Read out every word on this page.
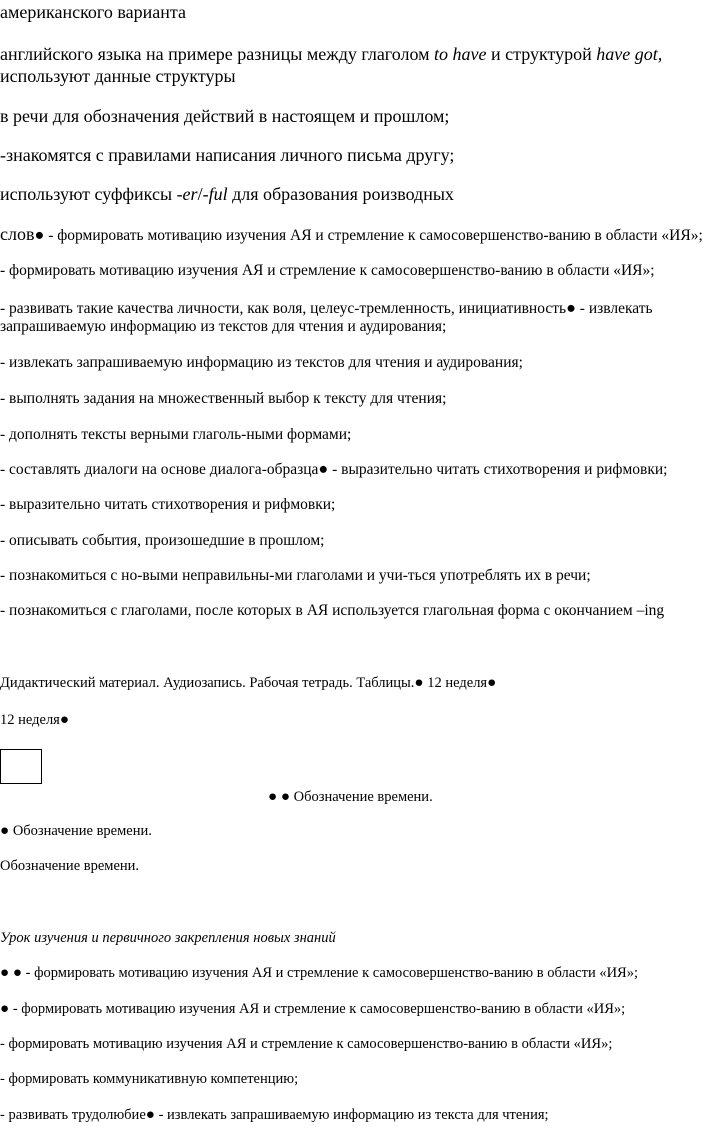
американского варианта

английского языка на примере разницы между глаголом to have и структурой have got,

используют данные структуры

в речи для обозначения действий в настоящем и прошлом;

-знакомятся с правилами написания личного письма другу;

используют суффиксы -er/-ful для образования роизводных

слов● - формировать мотивацию изучения АЯ и стремление к самосовершенство-ванию в области «ИЯ»;

- формировать мотивацию изучения АЯ и стремление к самосовершенство-ванию в области «ИЯ»;

- развивать такие качества личности, как воля, целеус-тремленность, инициативность● - извлекать

запрашиваемую информацию из текстов для чтения и аудирования;

- извлекать запрашиваемую информацию из текстов для чтения и аудирования;

- выполнять задания на множественный выбор к тексту для чтения;

- дополнять тексты верными глаголь-ными формами;

- составлять диалоги на основе диалога-образца● - выразительно читать стихотворения и рифмовки;

- выразительно читать стихотворения и рифмовки;

- описывать события, произошедшие в прошлом;

- познакомиться с но-выми неправильны-ми глаголами и учи-ться употреблять их в речи;

- познакомиться с глаголами, после которых в АЯ используется глагольная форма с окончанием –ing

Дидактический материал. Аудиозапись. Рабочая тетрадь. Таблицы.● 12 неделя●

12 неделя●

● ● Обозначение времени.

● Обозначение времени.

Обозначение времени.

Урок изучения и первичного закрепления новых знаний

● ● - формировать мотивацию изучения АЯ и стремление к самосовершенство-ванию в области «ИЯ»;

● - формировать мотивацию изучения АЯ и стремление к самосовершенство-ванию в области «ИЯ»;

- формировать мотивацию изучения АЯ и стремление к самосовершенство-ванию в области «ИЯ»;

- формировать коммуникативную компетенцию;

- развивать трудолюбие● - извлекать запрашиваемую информацию из текста для чтения;
